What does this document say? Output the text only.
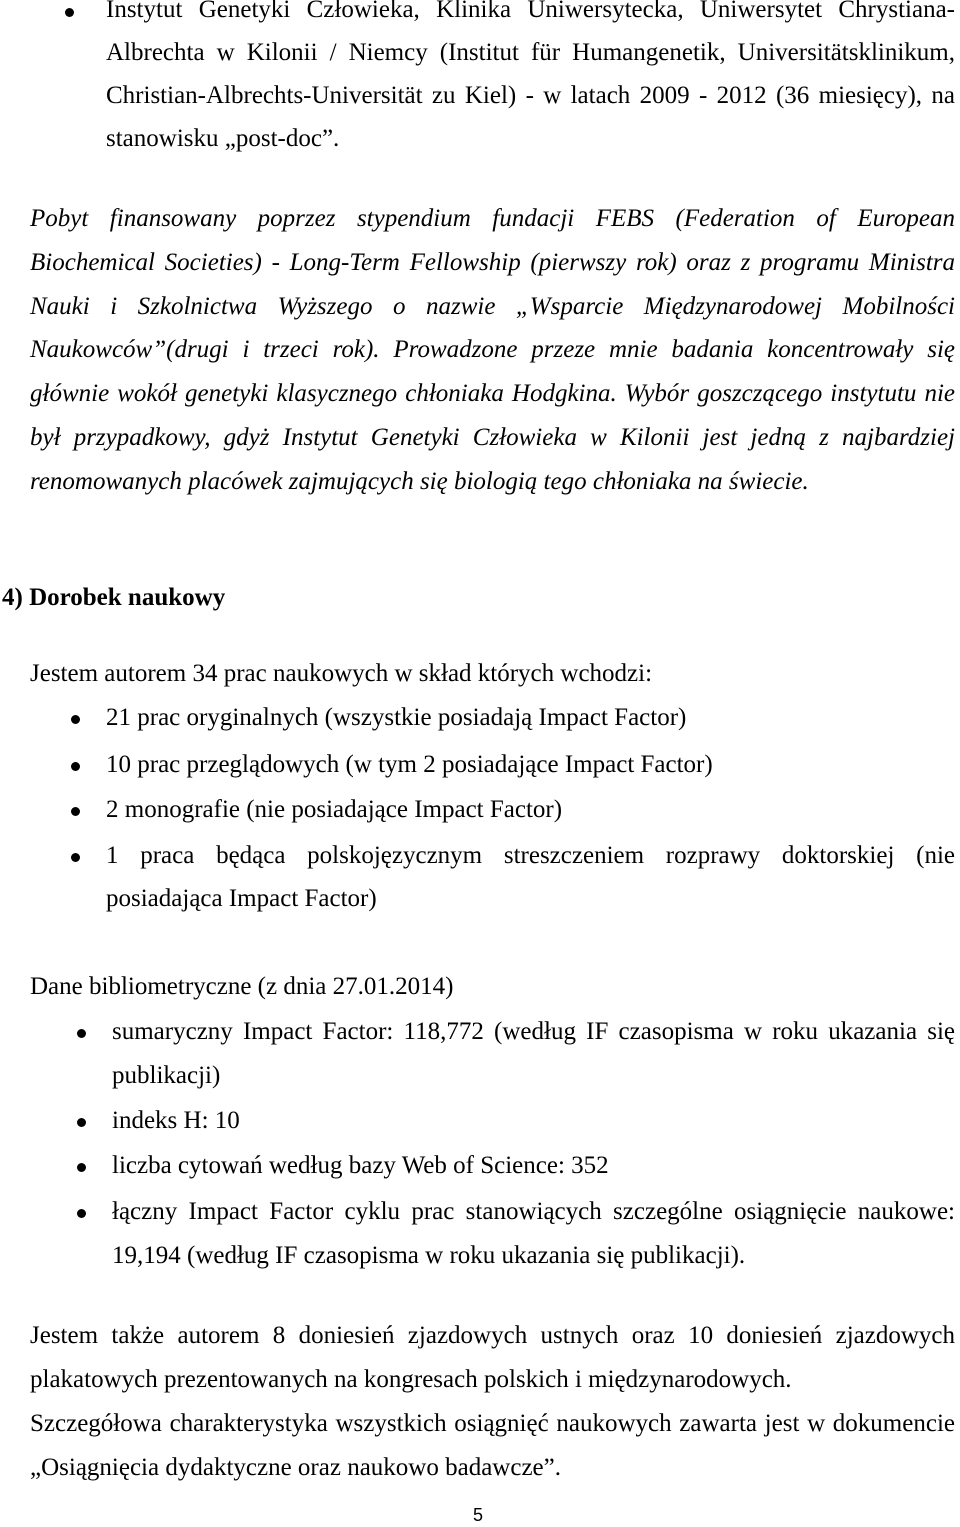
Instytut Genetyki Człowieka, Klinika Uniwersytecka, Uniwersytet Chrystiana-
Albrechta w Kilonii / Niemcy (Institut für Humangenetik, Universitätsklinikum,
Christian-Albrechts-Universität zu Kiel) - w latach 2009 - 2012 (36 miesięcy), na
stanowisku „post-doc”.
Pobyt finansowany poprzez stypendium fundacji FEBS (Federation of European
Biochemical Societies) - Long-Term Fellowship (pierwszy rok) oraz z programu Ministra
Nauki i Szkolnictwa Wyższego o nazwie „Wsparcie Międzynarodowej Mobilności
Naukowców”(drugi i trzeci rok). Prowadzone przeze mnie badania koncentrowały się
głównie wokół genetyki klasycznego chłoniaka Hodgkina. Wybór goszczącego instytutu nie
był przypadkowy, gdyż Instytut Genetyki Człowieka w Kilonii jest jedną z najbardziej
renomowanych placówek zajmujących się biologią tego chłoniaka na świecie.
4) Dorobek naukowy
Jestem autorem 34 prac naukowych w skład których wchodzi:
21 prac oryginalnych (wszystkie posiadają Impact Factor)
10 prac przeglądowych (w tym 2 posiadające Impact Factor)
2 monografie (nie posiadające Impact Factor)
1 praca będąca polskojęzycznym streszczeniem rozprawy doktorskiej (nie
posiadająca Impact Factor)
Dane bibliometryczne (z dnia 27.01.2014)
sumaryczny Impact Factor: 118,772 (według IF czasopisma w roku ukazania się
publikacji)
indeks H: 10
liczba cytowań według bazy Web of Science: 352
łączny Impact Factor cyklu prac stanowiących szczególne osiągnięcie naukowe:
19,194 (według IF czasopisma w roku ukazania się publikacji).
Jestem także autorem 8 doniesień zjazdowych ustnych oraz 10 doniesień zjazdowych
plakatowych prezentowanych na kongresach polskich i międzynarodowych.
Szczegółowa charakterystyka wszystkich osiągnięć naukowych zawarta jest w dokumencie
„Osiągnięcia dydaktyczne oraz naukowo badawcze”.
5
